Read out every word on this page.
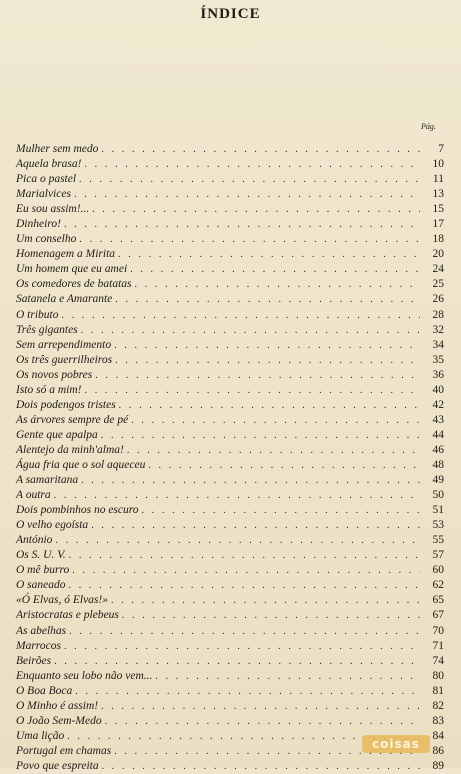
ÍNDICE
Pág.
Mulher sem medo . . .	7
Aquela brasa! . . .	10
Pica o pastel . . .	11
Marialvices . . .	13
Eu sou assim!... . . .	15
Dinheiro! . . .	17
Um conselho . . .	18
Homenagem a Mirita . . .	20
Um homem que eu amei . . .	24
Os comedores de batatas . . .	25
Satanela e Amarante . . .	26
O tributo . . .	28
Três gigantes . . .	32
Sem arrependimento . . .	34
Os três guerrilheiros . . .	35
Os novos pobres . . .	36
Isto só a mim! . . .	40
Dois podengos tristes . . .	42
As árvores sempre de pé . . .	43
Gente que apalpa . . .	44
Alentejo da minh'alma! . . .	46
Água fria que o sol aqueceu . . .	48
A samaritana . . .	49
A outra . . .	50
Dois pombinhos no escuro . . .	51
O velho egoísta . . .	53
António . . .	55
Os S. U. V. . . .	57
O mê burro . . .	60
O saneado . . .	62
«Ó Elvas, ó Elvas!» . . .	65
Aristocratas e plebeus . . .	67
As abelhas . . .	70
Marrocos . . .	71
Beirões . . .	74
Enquanto seu lobo não vem... . . .	80
O Boa Boca . . .	81
O Minho é assim! . . .	82
O João Sem-Medo . . .	83
Uma lição . . .	84
Portugal em chamas . . .	86
Povo que espreita . . .	89
coisas
